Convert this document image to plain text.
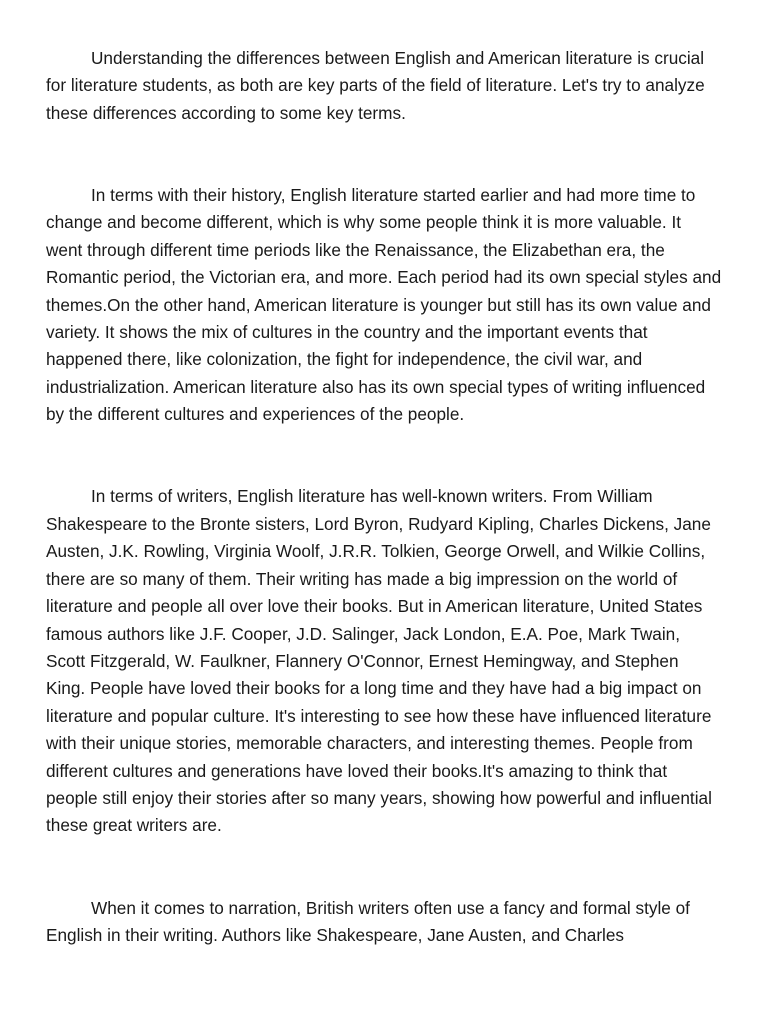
Understanding the differences between English and American literature is crucial for literature students, as both are key parts of the field of literature. Let's try to analyze these differences according to some key terms.

In terms with their history, English literature started earlier and had more time to change and become different, which is why some people think it is more valuable. It went through different time periods like the Renaissance, the Elizabethan era, the Romantic period, the Victorian era, and more. Each period had its own special styles and themes.On the other hand, American literature is younger but still has its own value and variety. It shows the mix of cultures in the country and the important events that happened there, like colonization, the fight for independence, the civil war, and industrialization. American literature also has its own special types of writing influenced by the different cultures and experiences of the people.

In terms of writers, English literature has well-known writers. From William Shakespeare to the Bronte sisters, Lord Byron, Rudyard Kipling, Charles Dickens, Jane Austen, J.K. Rowling, Virginia Woolf, J.R.R. Tolkien, George Orwell, and Wilkie Collins, there are so many of them. Their writing has made a big impression on the world of literature and people all over love their books. But in American literature, United States famous authors like J.F. Cooper, J.D. Salinger, Jack London, E.A. Poe, Mark Twain, Scott Fitzgerald, W. Faulkner, Flannery O'Connor, Ernest Hemingway, and Stephen King. People have loved their books for a long time and they have had a big impact on literature and popular culture. It's interesting to see how these have influenced literature with their unique stories, memorable characters, and interesting themes. People from different cultures and generations have loved their books.It's amazing to think that people still enjoy their stories after so many years, showing how powerful and influential these great writers are.

When it comes to narration, British writers often use a fancy and formal style of English in their writing. Authors like Shakespeare, Jane Austen, and Charles
